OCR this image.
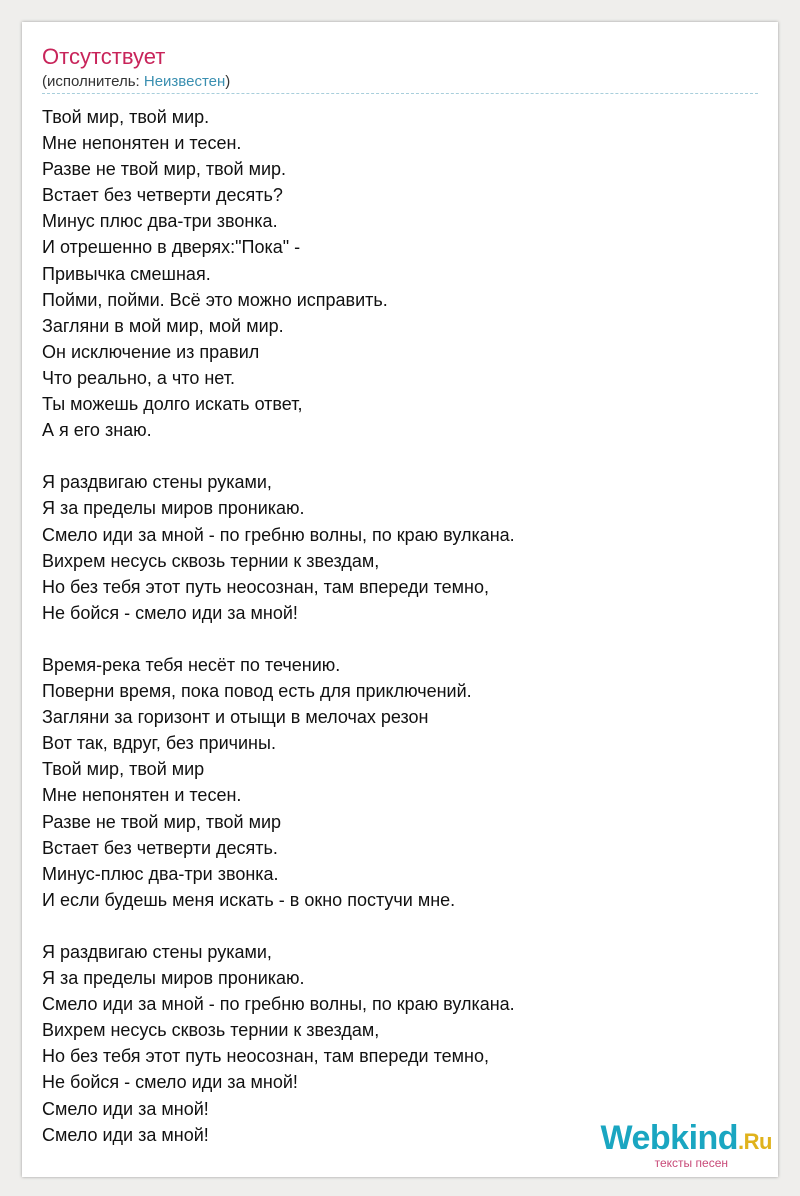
Отсутствует
(исполнитель: Неизвестен)
Твой мир, твой мир.
Мне непонятен и тесен.
Разве не твой мир, твой мир.
Встает без четверти десять?
Минус плюс два-три звонка.
И отрешенно в дверях:"Пока" -
Привычка смешная.
Пойми, пойми. Всё это можно исправить.
Загляни в мой мир, мой мир.
Он исключение из правил
Что реально, а что нет.
Ты можешь долго искать ответ,
А я его знаю.
Я раздвигаю стены руками,
Я за пределы миров проникаю.
Смело иди за мной - по гребню волны, по краю вулкана.
Вихрем несусь сквозь тернии к звездам,
Но без тебя этот путь неосознан, там впереди темно,
Не бойся - смело иди за мной!
Время-река тебя несёт по течению.
Поверни время, пока повод есть для приключений.
Загляни за горизонт и отыщи в мелочах резон
Вот так, вдруг, без причины.
Твой мир, твой мир
Мне непонятен и тесен.
Разве не твой мир, твой мир
Встает без четверти десять.
Минус-плюс два-три звонка.
И если будешь меня искать - в окно постучи мне.
Я раздвигаю стены руками,
Я за пределы миров проникаю.
Смело иди за мной - по гребню волны, по краю вулкана.
Вихрем несусь сквозь тернии к звездам,
Но без тебя этот путь неосознан, там впереди темно,
Не бойся - смело иди за мной!
Смело иди за мной!
Смело иди за мной!	Webkind.Ru
тексты песен
